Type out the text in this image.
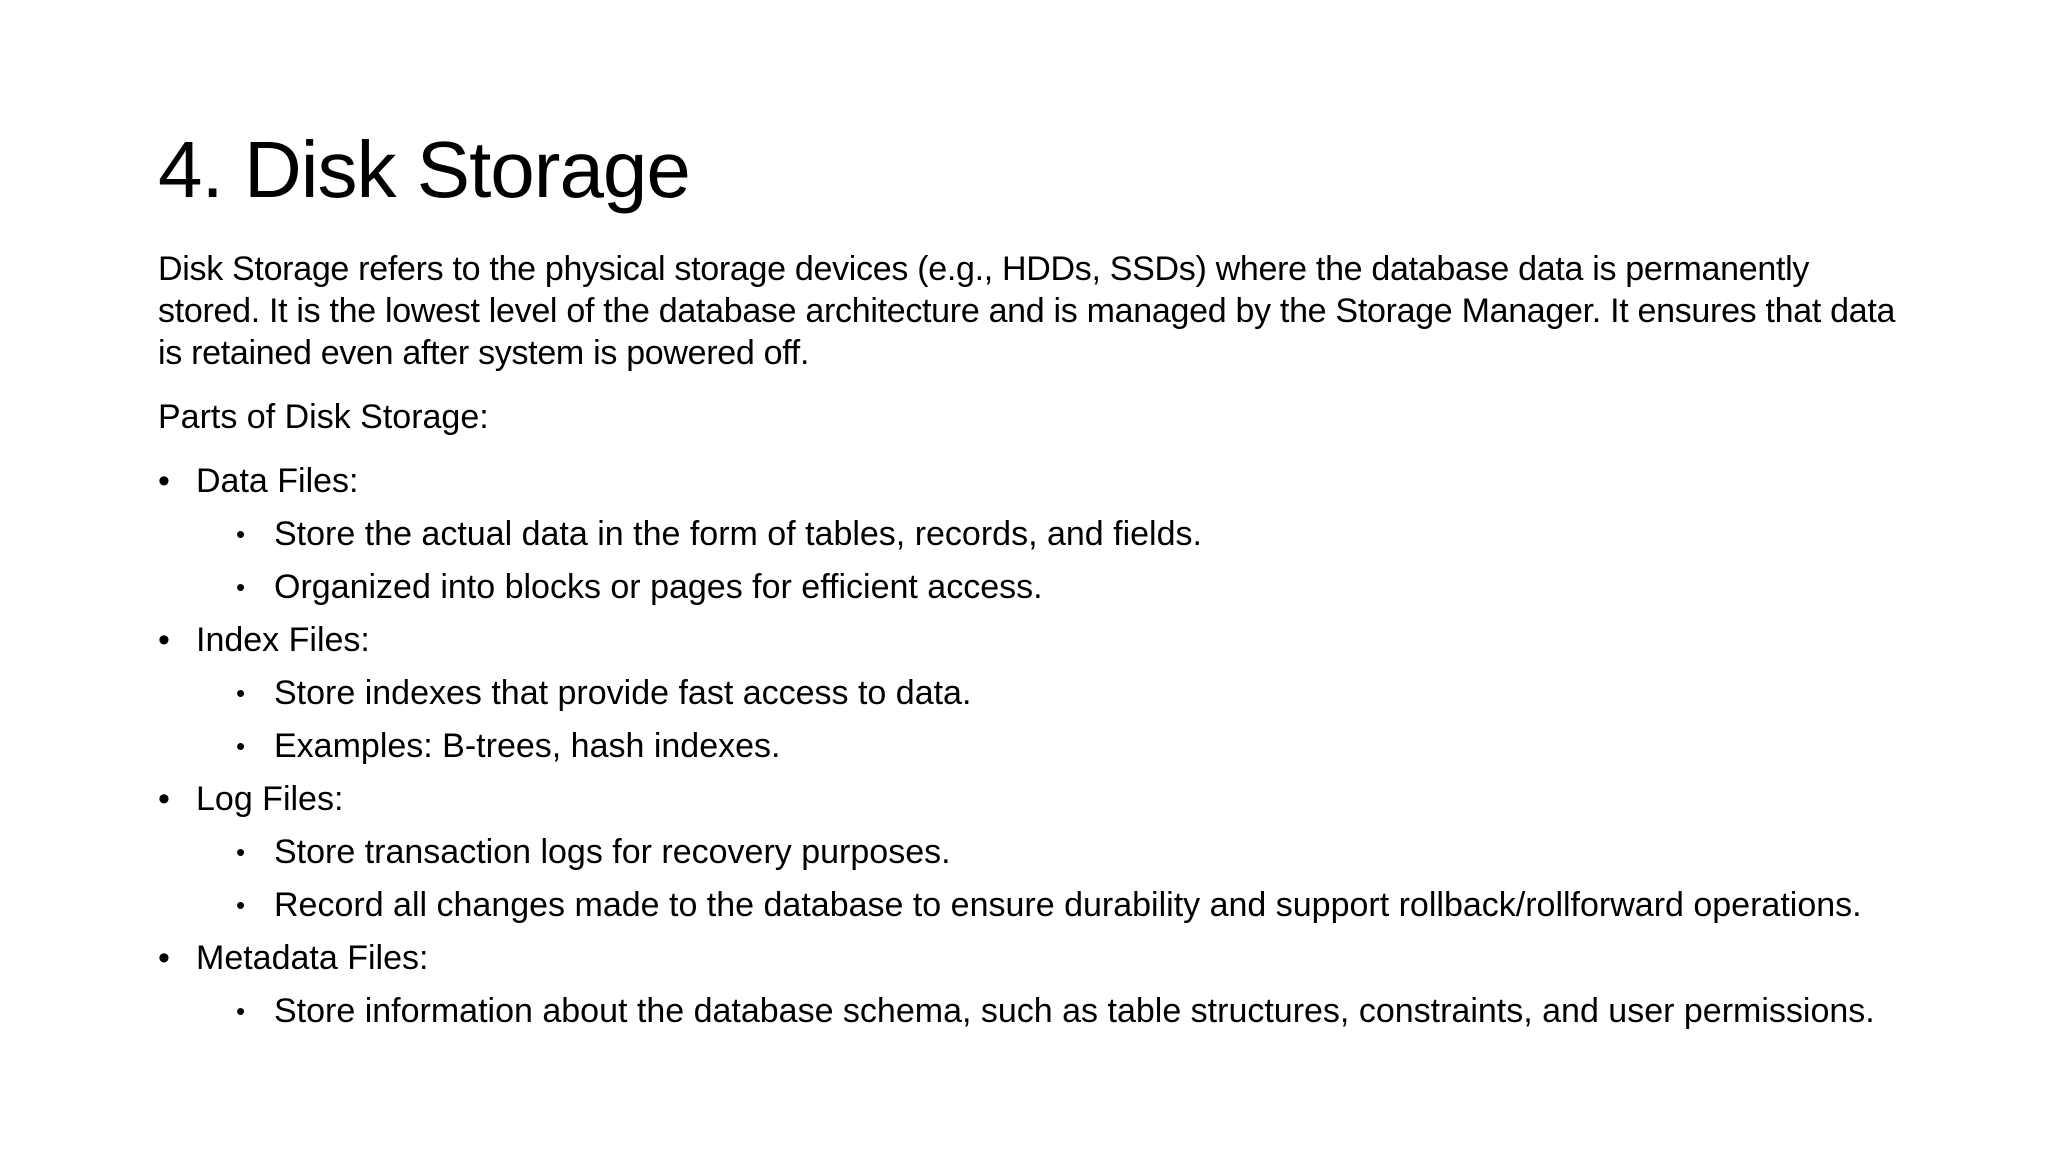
4. Disk Storage

Disk Storage refers to the physical storage devices (e.g., HDDs, SSDs) where the database data is permanently stored. It is the lowest level of the database architecture and is managed by the Storage Manager. It ensures that data is retained even after system is powered off.

Parts of Disk Storage:

• Data Files:
• Store the actual data in the form of tables, records, and fields.
• Organized into blocks or pages for efficient access.
• Index Files:
• Store indexes that provide fast access to data.
• Examples: B-trees, hash indexes.
• Log Files:
• Store transaction logs for recovery purposes.
• Record all changes made to the database to ensure durability and support rollback/rollforward operations.
• Metadata Files:
• Store information about the database schema, such as table structures, constraints, and user permissions.
